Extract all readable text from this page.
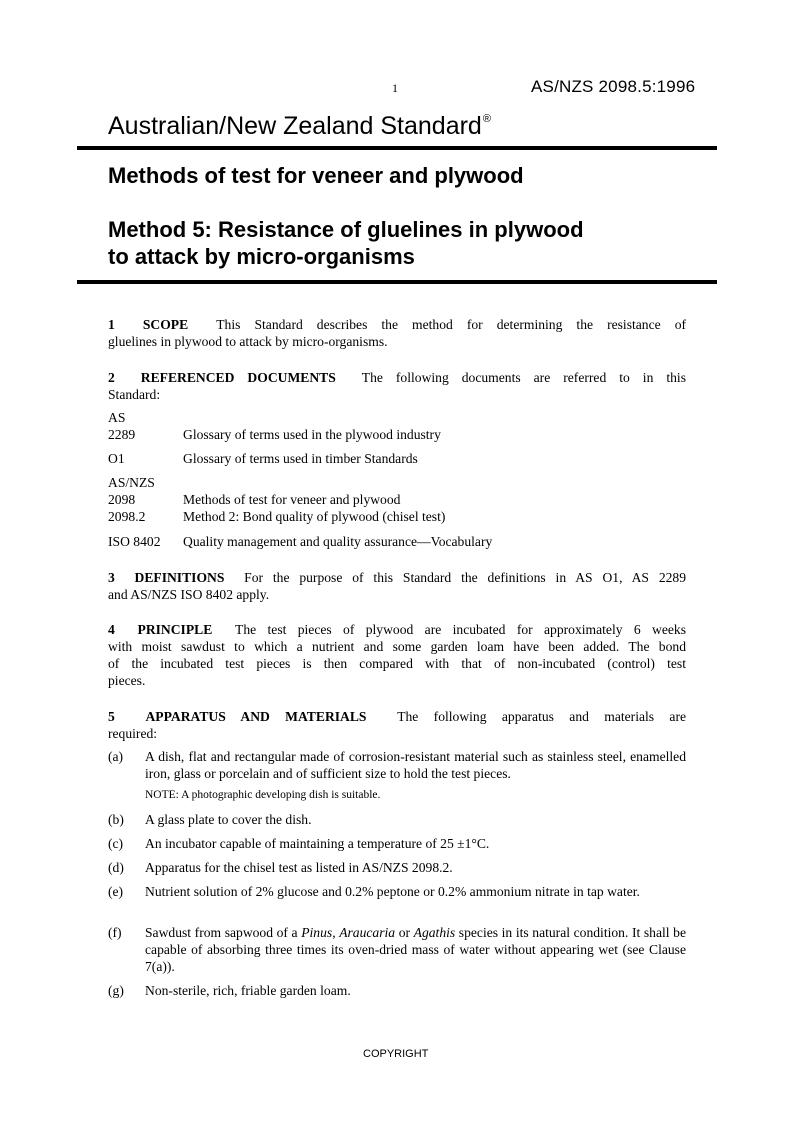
1	AS/NZS 2098.5:1996
Australian/New Zealand Standard®
Methods of test for veneer and plywood
Method 5: Resistance of gluelines in plywood
to attack by micro-organisms
1 SCOPE This Standard describes the method for determining the resistance of
gluelines in plywood to attack by micro-organisms.
2 REFERENCED DOCUMENTS The following documents are referred to in this
Standard:
AS
2289	Glossary of terms used in the plywood industry
O1	Glossary of terms used in timber Standards
AS/NZS
2098	Methods of test for veneer and plywood
2098.2	Method 2: Bond quality of plywood (chisel test)
ISO 8402 Quality management and quality assurance—Vocabulary
3 DEFINITIONS For the purpose of this Standard the definitions in AS O1, AS 2289
and AS/NZS ISO 8402 apply.
4 PRINCIPLE The test pieces of plywood are incubated for approximately 6 weeks
with moist sawdust to which a nutrient and some garden loam have been added. The bond
of the incubated test pieces is then compared with that of non-incubated (control) test
pieces.
5 APPARATUS AND MATERIALS The following apparatus and materials are
required:
(a) A dish, flat and rectangular made of corrosion-resistant material such as stainless steel, enamelled iron, glass or porcelain and of sufficient size to hold the test pieces.
NOTE: A photographic developing dish is suitable.
(b) A glass plate to cover the dish.
(c) An incubator capable of maintaining a temperature of 25 ±1°C.
(d) Apparatus for the chisel test as listed in AS/NZS 2098.2.
(e) Nutrient solution of 2% glucose and 0.2% peptone or 0.2% ammonium nitrate in tap water.
(f) Sawdust from sapwood of a Pinus, Araucaria or Agathis species in its natural condition. It shall be capable of absorbing three times its oven-dried mass of water without appearing wet (see Clause 7(a)).
(g) Non-sterile, rich, friable garden loam.
COPYRIGHT
